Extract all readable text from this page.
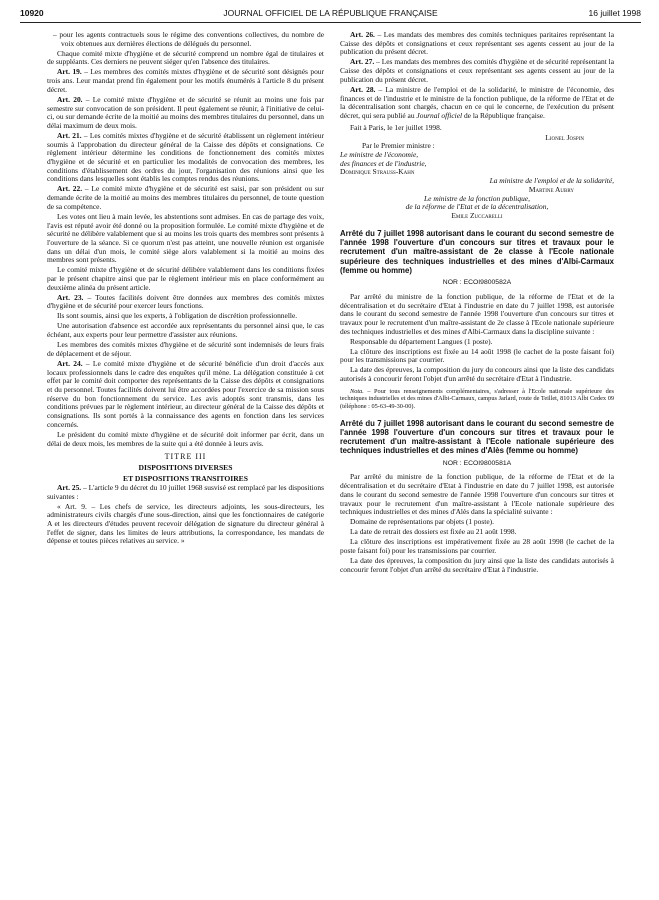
10920	JOURNAL OFFICIEL DE LA RÉPUBLIQUE FRANÇAISE	16 juillet 1998

– pour les agents contractuels sous le régime des conventions collectives, du nombre de voix obtenues aux dernières élections de délégués du personnel.

Chaque comité mixte d'hygiène et de sécurité comprend un nombre égal de titulaires et de suppléants. Ces derniers ne peuvent siéger qu'en l'absence des titulaires.

Art. 19. – Les membres des comités mixtes d'hygiène et de sécurité sont désignés pour trois ans. Leur mandat prend fin également pour les motifs énumérés à l'article 8 du présent décret.

Art. 20. – Le comité mixte d'hygiène et de sécurité se réunit au moins une fois par semestre sur convocation de son président. Il peut également se réunir, à l'initiative de celui-ci, ou sur demande écrite de la moitié au moins des membres titulaires du personnel, dans un délai maximum de deux mois.

Art. 21. – Les comités mixtes d'hygiène et de sécurité établissent un règlement intérieur soumis à l'approbation du directeur général de la Caisse des dépôts et consignations. Ce règlement intérieur détermine les conditions de fonctionnement des comités mixtes d'hygiène et de sécurité et en particulier les modalités de convocation des membres, les conditions d'établissement des ordres du jour, l'organisation des réunions ainsi que les conditions dans lesquelles sont établis les comptes rendus des réunions.

Art. 22. – Le comité mixte d'hygiène et de sécurité est saisi, par son président ou sur demande écrite de la moitié au moins des membres titulaires du personnel, de toute question de sa compétence.

Les votes ont lieu à main levée, les abstentions sont admises. En cas de partage des voix, l'avis est réputé avoir été donné ou la proposition formulée. Le comité mixte d'hygiène et de sécurité ne délibère valablement que si au moins les trois quarts des membres sont présents à l'ouverture de la séance. Si ce quorum n'est pas atteint, une nouvelle réunion est organisée dans un délai d'un mois, le comité siège alors valablement si la moitié au moins des membres sont présents.

Le comité mixte d'hygiène et de sécurité délibère valablement dans les conditions fixées par le présent chapitre ainsi que par le règlement intérieur mis en place conformément au deuxième alinéa du présent article.

Art. 23. – Toutes facilités doivent être données aux membres des comités mixtes d'hygiène et de sécurité pour exercer leurs fonctions.

Ils sont soumis, ainsi que les experts, à l'obligation de discrétion professionnelle.

Une autorisation d'absence est accordée aux représentants du personnel ainsi que, le cas échéant, aux experts pour leur permettre d'assister aux réunions.

Les membres des comités mixtes d'hygiène et de sécurité sont indemnisés de leurs frais de déplacement et de séjour.

Art. 24. – Le comité mixte d'hygiène et de sécurité bénéficie d'un droit d'accès aux locaux professionnels dans le cadre des enquêtes qu'il mène. La délégation constituée à cet effet par le comité doit comporter des représentants de la Caisse des dépôts et consignations et du personnel. Toutes facilités doivent lui être accordées pour l'exercice de sa mission sous réserve du bon fonctionnement du service. Les avis adoptés sont transmis, dans les conditions prévues par le règlement intérieur, au directeur général de la Caisse des dépôts et consignations. Ils sont portés à la connaissance des agents en fonction dans les services concernés.

Le président du comité mixte d'hygiène et de sécurité doit informer par écrit, dans un délai de deux mois, les membres de la suite qui a été donnée à leurs avis.

TITRE III

DISPOSITIONS DIVERSES

ET DISPOSITIONS TRANSITOIRES

Art. 25. – L'article 9 du décret du 10 juillet 1968 susvisé est remplacé par les dispositions suivantes :

« Art. 9. – Les chefs de service, les directeurs adjoints, les sous-directeurs, les administrateurs civils chargés d'une sous-direction, ainsi que les fonctionnaires de catégorie A et les directeurs d'études peuvent recevoir délégation de signature du directeur général à l'effet de signer, dans les limites de leurs attributions, la correspondance, les mandats de dépense et toutes pièces relatives au service. »

Art. 26. – Les mandats des membres des comités techniques paritaires représentant la Caisse des dépôts et consignations et ceux représentant ses agents cessent au jour de la publication du présent décret.

Art. 27. – Les mandats des membres des comités d'hygiène et de sécurité représentant la Caisse des dépôts et consignations et ceux représentant ses agents cessent au jour de la publication du présent décret.

Art. 28. – La ministre de l'emploi et de la solidarité, le ministre de l'économie, des finances et de l'industrie et le ministre de la fonction publique, de la réforme de l'Etat et de la décentralisation sont chargés, chacun en ce qui le concerne, de l'exécution du présent décret, qui sera publié au Journal officiel de la République française.

Fait à Paris, le 1er juillet 1998.

Lionel Jospin

Par le Premier ministre :

Le ministre de l'économie,

des finances et de l'industrie,

Dominique Strauss-Kahn

La ministre de l'emploi et de la solidarité,

Martine Aubry

Le ministre de la fonction publique,

de la réforme de l'Etat et de la décentralisation,

Emile Zuccarelli

Arrêté du 7 juillet 1998 autorisant dans le courant du second semestre de l'année 1998 l'ouverture d'un concours sur titres et travaux pour le recrutement d'un maître-assistant de 2e classe à l'Ecole nationale supérieure des techniques industrielles et des mines d'Albi-Carmaux (femme ou homme)

NOR : ECOI9800582A

Par arrêté du ministre de la fonction publique, de la réforme de l'Etat et de la décentralisation et du secrétaire d'Etat à l'industrie en date du 7 juillet 1998, est autorisée dans le courant du second semestre de l'année 1998 l'ouverture d'un concours sur titres et travaux pour le recrutement d'un maître-assistant de 2e classe à l'Ecole nationale supérieure des techniques industrielles et des mines d'Albi-Carmaux dans la discipline suivante :

Responsable du département Langues (1 poste).

La clôture des inscriptions est fixée au 14 août 1998 (le cachet de la poste faisant foi) pour les transmissions par courrier.

La date des épreuves, la composition du jury du concours ainsi que la liste des candidats autorisés à concourir feront l'objet d'un arrêté du secrétaire d'Etat à l'industrie.

Nota. – Pour tous renseignements complémentaires, s'adresser à l'Ecole nationale supérieure des techniques industrielles et des mines d'Albi-Carmaux, campus Jarlard, route de Teillet, 81013 Albi Cedex 09 (téléphone : 05-63-49-30-00).

Arrêté du 7 juillet 1998 autorisant dans le courant du second semestre de l'année 1998 l'ouverture d'un concours sur titres et travaux pour le recrutement d'un maître-assistant à l'Ecole nationale supérieure des techniques industrielles et des mines d'Alès (femme ou homme)

NOR : ECOI9800581A

Par arrêté du ministre de la fonction publique, de la réforme de l'Etat et de la décentralisation et du secrétaire d'Etat à l'industrie en date du 7 juillet 1998, est autorisée dans le courant du second semestre de l'année 1998 l'ouverture d'un concours sur titres et travaux pour le recrutement d'un maître-assistant à l'Ecole nationale supérieure des techniques industrielles et des mines d'Alès dans la spécialité suivante :

Domaine de représentations par objets (1 poste).

La date de retrait des dossiers est fixée au 21 août 1998.

La clôture des inscriptions est impérativement fixée au 28 août 1998 (le cachet de la poste faisant foi) pour les transmissions par courrier.

La date des épreuves, la composition du jury ainsi que la liste des candidats autorisés à concourir feront l'objet d'un arrêté du secrétaire d'Etat à l'industrie.
